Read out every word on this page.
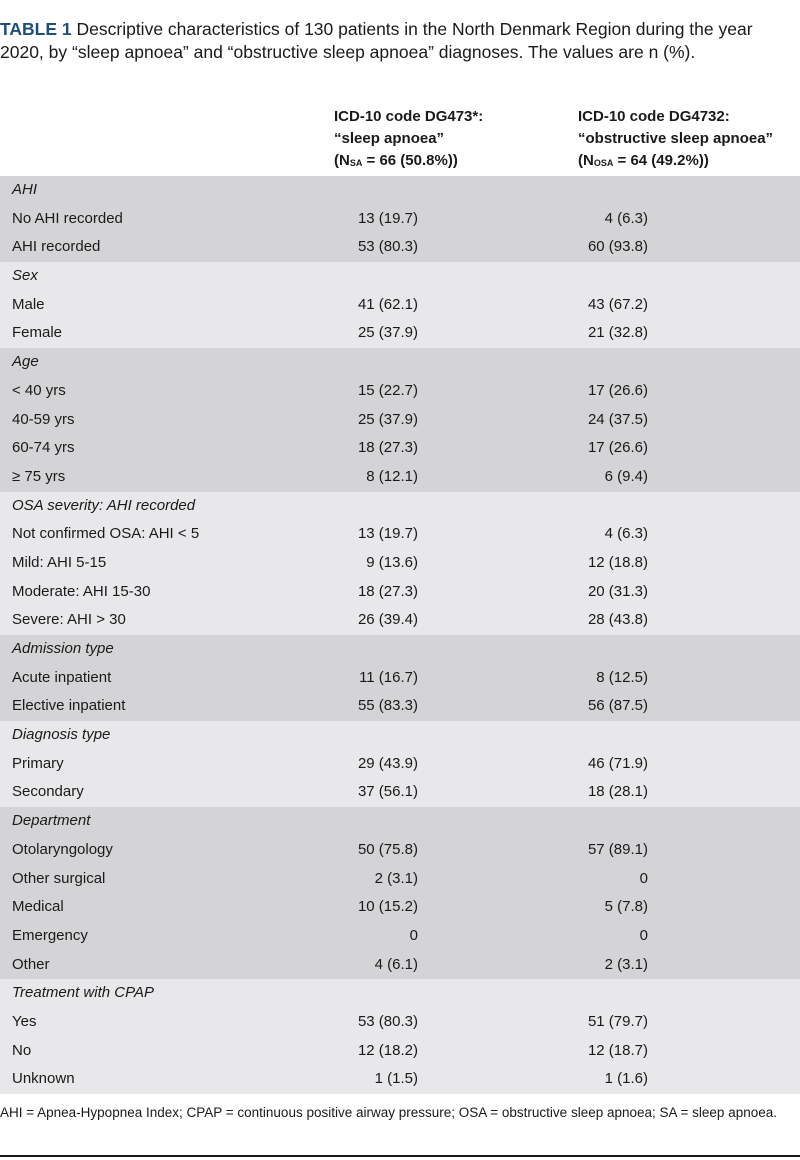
TABLE 1 Descriptive characteristics of 130 patients in the North Denmark Region during the year 2020, by “sleep apnoea” and “obstructive sleep apnoea” diagnoses. The values are n (%).
ICD-10 code DG473*:
“sleep apnoea”
($N_{SA} = 66$ (50.8%))
ICD-10 code DG4732:
“obstructive sleep apnoea”
($N_{OSA} = 64$ (49.2%))
AHI
No AHI recorded	13 (19.7)	4 (6.3)
AHI recorded	53 (80.3)	60 (93.8)
Sex
Male	41 (62.1)	43 (67.2)
Female	25 (37.9)	21 (32.8)
Age
< 40 yrs	15 (22.7)	17 (26.6)
40-59 yrs	25 (37.9)	24 (37.5)
60-74 yrs	18 (27.3)	17 (26.6)
≥ 75 yrs	8 (12.1)	6 (9.4)
OSA severity: AHI recorded
Not confirmed OSA: AHI < 5	13 (19.7)	4 (6.3)
Mild: AHI 5-15	9 (13.6)	12 (18.8)
Moderate: AHI 15-30	18 (27.3)	20 (31.3)
Severe: AHI > 30	26 (39.4)	28 (43.8)
Admission type
Acute inpatient	11 (16.7)	8 (12.5)
Elective inpatient	55 (83.3)	56 (87.5)
Diagnosis type
Primary	29 (43.9)	46 (71.9)
Secondary	37 (56.1)	18 (28.1)
Department
Otolaryngology	50 (75.8)	57 (89.1)
Other surgical	2 (3.1)	0
Medical	10 (15.2)	5 (7.8)
Emergency	0	0
Other	4 (6.1)	2 (3.1)
Treatment with CPAP
Yes	53 (80.3)	51 (79.7)
No	12 (18.2)	12 (18.7)
Unknown	1 (1.5)	1 (1.6)
AHI = Apnea-Hypopnea Index; CPAP = continuous positive airway pressure; OSA = obstructive sleep apnoea; SA = sleep apnoea.
